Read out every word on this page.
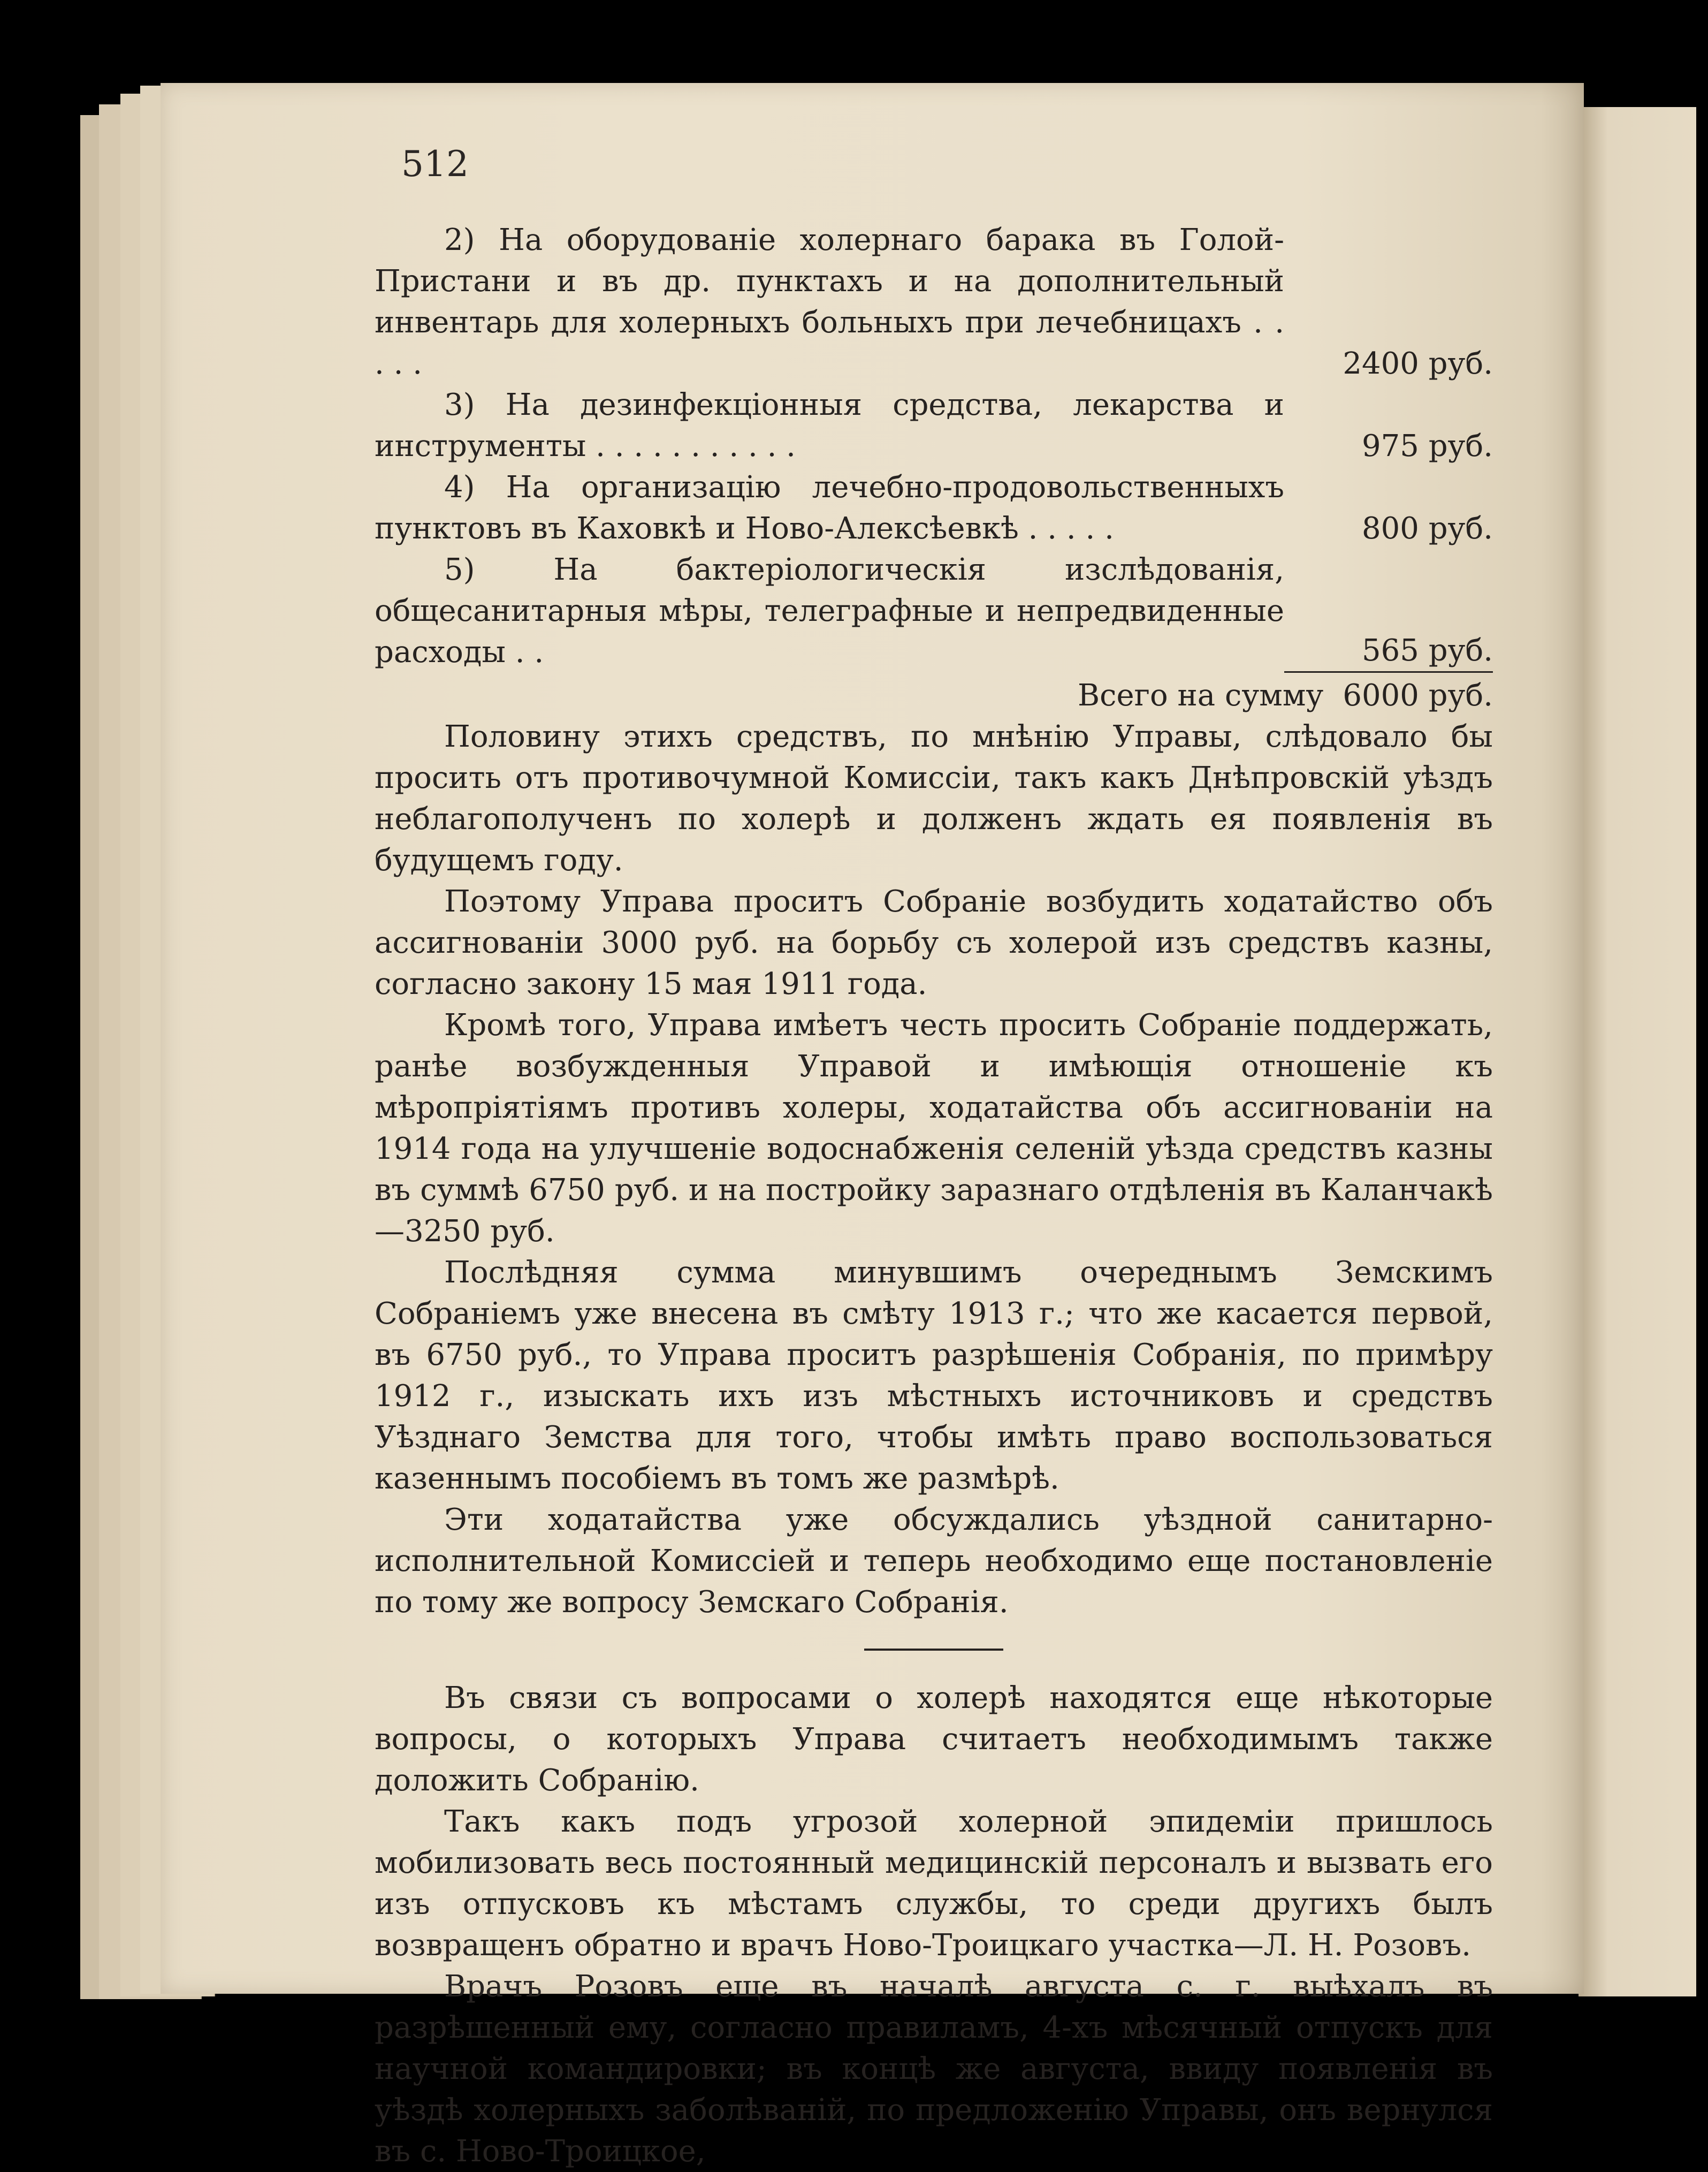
512

2) На оборудованіе холернаго барака въ Голой-Пристани и въ др. пунктахъ и на дополнительный инвентарь для холерныхъ больныхъ при лечебницахъ . . . . .	2400 руб.

3) На дезинфекціонныя средства, лекарства и инструменты . . . . . . . . . . .	975 руб.

4) На организацію лечебно-продовольственныхъ пунктовъ въ Каховкѣ и Ново-Алексѣевкѣ . . . . .	800 руб.

5) На бактеріологическія изслѣдованія, общесанитарныя мѣры, телеграфные и непредвиденные расходы . .	565 руб.
Всего на сумму 6000 руб.

Половину этихъ средствъ, по мнѣнію Управы, слѣдовало бы просить отъ противочумной Комиссіи, такъ какъ Днѣпровскій уѣздъ неблагополученъ по холерѣ и долженъ ждать ея появленія въ будущемъ году.

Поэтому Управа проситъ Собраніе возбудить ходатайство объ ассигнованіи 3000 руб. на борьбу съ холерой изъ средствъ казны, согласно закону 15 мая 1911 года.

Кромѣ того, Управа имѣетъ честь просить Собраніе поддержать, ранѣе возбужденныя Управой и имѣющія отношеніе къ мѣропріятіямъ противъ холеры, ходатайства объ ассигнованіи на 1914 года на улучшеніе водоснабженія селеній уѣзда средствъ казны въ суммѣ 6750 руб. и на постройку заразнаго отдѣленія въ Каланчакѣ—3250 руб.

Послѣдняя сумма минувшимъ очереднымъ Земскимъ Собраніемъ уже внесена въ смѣту 1913 г.; что же касается первой, въ 6750 руб., то Управа проситъ разрѣшенія Собранія, по примѣру 1912 г., изыскать ихъ изъ мѣстныхъ источниковъ и средствъ Уѣзднаго Земства для того, чтобы имѣть право воспользоваться казеннымъ пособіемъ въ томъ же размѣрѣ.

Эти ходатайства уже обсуждались уѣздной санитарно-исполнительной Комиссіей и теперь необходимо еще постановленіе по тому же вопросу Земскаго Собранія.

Въ связи съ вопросами о холерѣ находятся еще нѣкоторые вопросы, о которыхъ Управа считаетъ необходимымъ также доложить Собранію.

Такъ какъ подъ угрозой холерной эпидеміи пришлось мобилизовать весь постоянный медицинскій персоналъ и вызвать его изъ отпусковъ къ мѣстамъ службы, то среди другихъ былъ возвращенъ обратно и врачъ Ново-Троицкаго участка—Л. Н. Розовъ.

Врачъ Розовъ еще въ началѣ августа с. г. выѣхалъ въ разрѣшенный ему, согласно правиламъ, 4-хъ мѣсячный отпускъ для научной командировки; въ концѣ же августа, ввиду появленія въ уѣздѣ холерныхъ заболѣваній, по предложенію Управы, онъ вернулся въ с. Ново-Троицкое,
